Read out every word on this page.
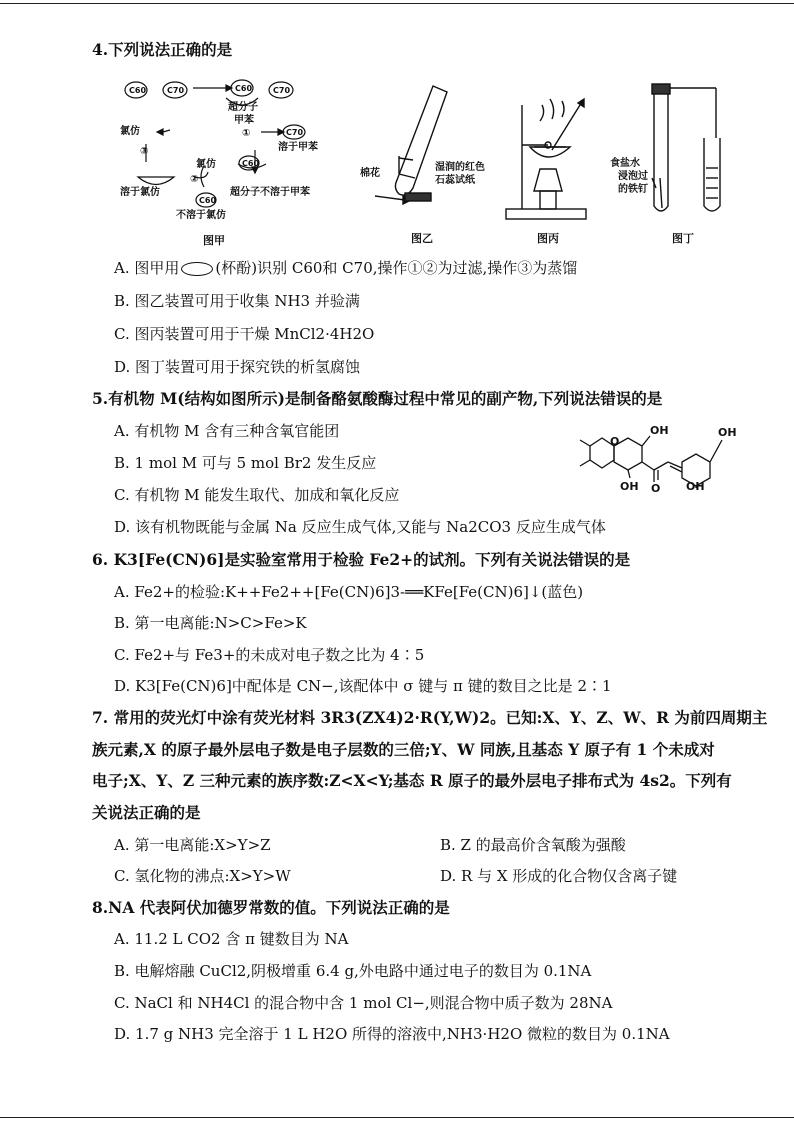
4.下列说法正确的是
C60	C70	C60	C70
C70
C60
C60
超分子
甲苯
①
溶于甲苯
氯仿
③
氯仿
②
溶于氯仿	超分子不溶于甲苯
不溶于氯仿
图甲
棉花
湿润的红色
石蕊试纸
图乙	图丙
食盐水
浸泡过
的铁钉
图丁
A. 图甲用 (杯酚)识别 C60和 C70,操作①②为过滤,操作③为蒸馏
B. 图乙装置可用于收集 NH3 并验满
C. 图丙装置可用于干燥 MnCl2·4H2O
D. 图丁装置可用于探究铁的析氢腐蚀
5.有机物 M(结构如图所示)是制备酪氨酸酶过程中常见的副产物,下列说法错误的是
A. 有机物 M 含有三种含氧官能团
B. 1 mol M 可与 5 mol Br2 发生反应
C. 有机物 M 能发生取代、加成和氧化反应
D. 该有机物既能与金属 Na 反应生成气体,又能与 Na2CO3 反应生成气体
O
OH	OH
OH O OH
6. K3[Fe(CN)6]是实验室常用于检验 Fe2+的试剂。下列有关说法错误的是
A. Fe2+的检验:K++Fe2++[Fe(CN)6]3-══KFe[Fe(CN)6]↓(蓝色)
B. 第一电离能:N>C>Fe>K
C. Fe2+与 Fe3+的未成对电子数之比为 4∶5
D. K3[Fe(CN)6]中配体是 CN−,该配体中 σ 键与 π 键的数目之比是 2∶1
7. 常用的荧光灯中涂有荧光材料 3R3(ZX4)2·R(Y,W)2。已知:X、Y、Z、W、R 为前四周期主
族元素,X 的原子最外层电子数是电子层数的三倍;Y、W 同族,且基态 Y 原子有 1 个未成对
电子;X、Y、Z 三种元素的族序数:Z<X<Y;基态 R 原子的最外层电子排布式为 4s2。下列有
关说法正确的是
A. 第一电离能:X>Y>Z	B. Z 的最高价含氧酸为强酸
C. 氢化物的沸点:X>Y>W	D. R 与 X 形成的化合物仅含离子键
8.NA 代表阿伏加德罗常数的值。下列说法正确的是
A. 11.2 L CO2 含 π 键数目为 NA
B. 电解熔融 CuCl2,阴极增重 6.4 g,外电路中通过电子的数目为 0.1NA
C. NaCl 和 NH4Cl 的混合物中含 1 mol Cl−,则混合物中质子数为 28NA
D. 1.7 g NH3 完全溶于 1 L H2O 所得的溶液中,NH3·H2O 微粒的数目为 0.1NA
